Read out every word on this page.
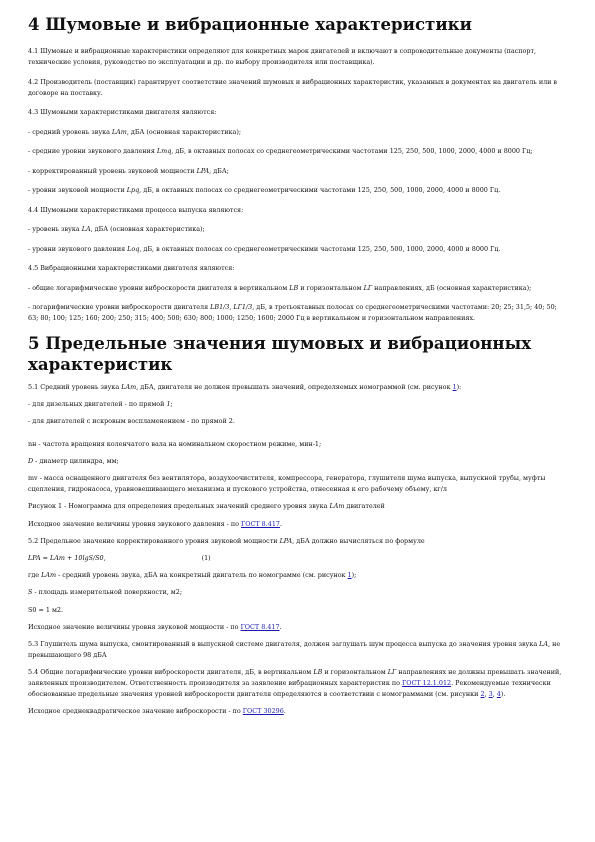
4 Шумовые и вибрационные характеристики

4.1 Шумовые и вибрационные характеристики определяют для конкретных марок двигателей и включают в сопроводительные документы (паспорт, технические условия, руководство по эксплуатации и др. по выбору производителя или поставщика).

4.2 Производитель (поставщик) гарантирует соответствие значений шумовых и вибрационных характеристик, указанных в документах на двигатель или в договоре на поставку.

4.3 Шумовыми характеристиками двигателя являются:

- средний уровень звука LAm, дБА (основная характеристика);

- средние уровни звукового давления Lmq, дБ, в октавных полосах со среднегеометрическими частотами 125, 250, 500, 1000, 2000, 4000 и 8000 Гц;

- корректированный уровень звуковой мощности LPA, дБА;

- уровни звуковой мощности Lpq, дБ, в октавных полосах со среднегеометрическими частотами 125, 250, 500, 1000, 2000, 4000 и 8000 Гц.

4.4 Шумовыми характеристиками процесса выпуска являются:

- уровень звука LA, дБА (основная характеристика);

- уровни звукового давления Loq, дБ, в октавных полосах со среднегеометрическими частотами 125, 250, 500, 1000, 2000, 4000 и 8000 Гц.

4.5 Вибрационными характеристиками двигателя являются:

- общие логарифмические уровни виброскорости двигателя в вертикальном LВ и горизонтальном LГ направлениях, дБ (основная характеристика);

- логарифмические уровни виброскорости двигателя LВ1/3, LГ1/3, дБ, в третьоктавных полосах со среднегеометрическими частотами: 20; 25; 31,5; 40; 50; 63; 80; 100; 125; 160; 200; 250; 315; 400; 500; 630; 800; 1000; 1250; 1600; 2000 Гц в вертикальном и горизонтальном направлениях.

5 Предельные значения шумовых и вибрационных характеристик

5.1 Средний уровень звука LAm, дБА, двигателя не должен превышать значений, определяемых номограммой (см. рисунок 1):

- для дизельных двигателей - по прямой 1;

- для двигателей с искровым воспламенением - по прямой 2.

nн - частота вращения коленчатого вала на номинальном скоростном режиме, мин-1;

D - диаметр цилиндра, мм;

mv - масса оснащенного двигателя без вентилятора, воздухоочистителя, компрессора, генератора, глушителя шума выпуска, выпускной трубы, муфты сцепления, гидронасоса, уравновешивающего механизма и пускового устройства, отнесенная к его рабочему объему, кг/л

Рисунок 1 - Номограмма для определения предельных значений среднего уровня звука LAm двигателей

Исходное значение величины уровня звукового давления - по ГОСТ 8.417.

5.2 Предельное значение корректированного уровня звуковой мощности LPA, дБА должно вычисляться по формуле

LPA = LAm + 10lgS/S0,	(1)

где LAm - средний уровень звука, дБА на конкретный двигатель по номограмме (см. рисунок 1);

S - площадь измерительной поверхности, м2;

S0 = 1 м2.

Исходное значение величины уровня звуковой мощности - по ГОСТ 8.417.

5.3 Глушитель шума выпуска, смонтированный в выпускной системе двигателя, должен заглушать шум процесса выпуска до значения уровня звука LA, не превышающего 98 дБА

5.4 Общие логарифмические уровни виброскорости двигателя, дБ, в вертикальном LВ и горизонтальном LГ направлениях не должны превышать значений, заявленных производителем. Ответственность производителя за заявление вибрационных характеристик по ГОСТ 12.1.012. Рекомендуемые технически обоснованные предельные значения уровней виброскорости двигателя определяются в соответствии с номограммами (см. рисунки 2, 3, 4).

Исходное среднеквадратическое значение виброскорости - по ГОСТ 30296.
